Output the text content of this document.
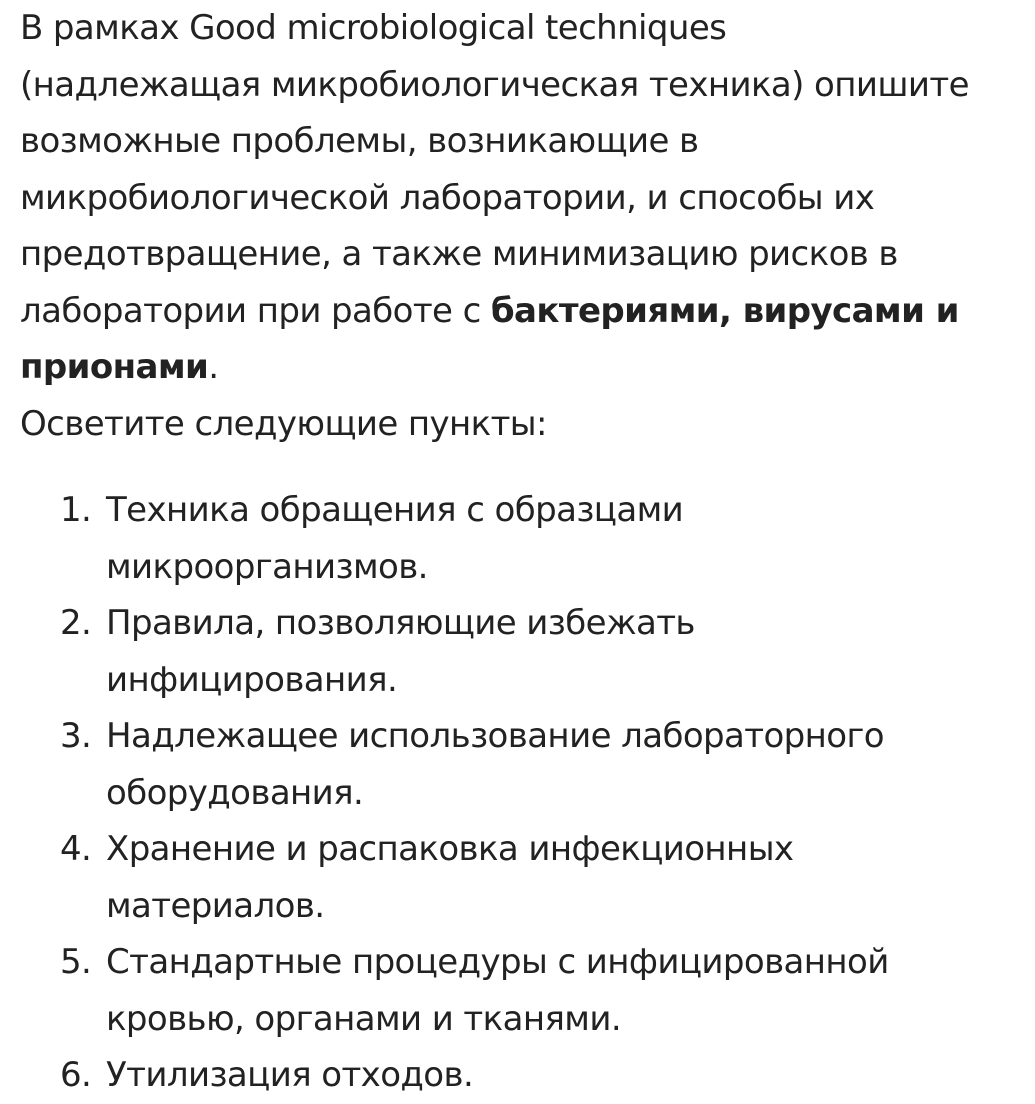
В рамках Good microbiological techniques
(надлежащая микробиологическая техника) опишите
возможные проблемы, возникающие в
микробиологической лаборатории, и способы их
предотвращение, а также минимизацию рисков в
лаборатории при работе с бактериями, вирусами и
прионами.

Осветите следующие пункты:

1. Техника обращения с образцами
микроорганизмов.
2. Правила, позволяющие избежать
инфицирования.
3. Надлежащее использование лабораторного
оборудования.
4. Хранение и распаковка инфекционных
материалов.
5. Стандартные процедуры с инфицированной
кровью, органами и тканями.
6. Утилизация отходов.
